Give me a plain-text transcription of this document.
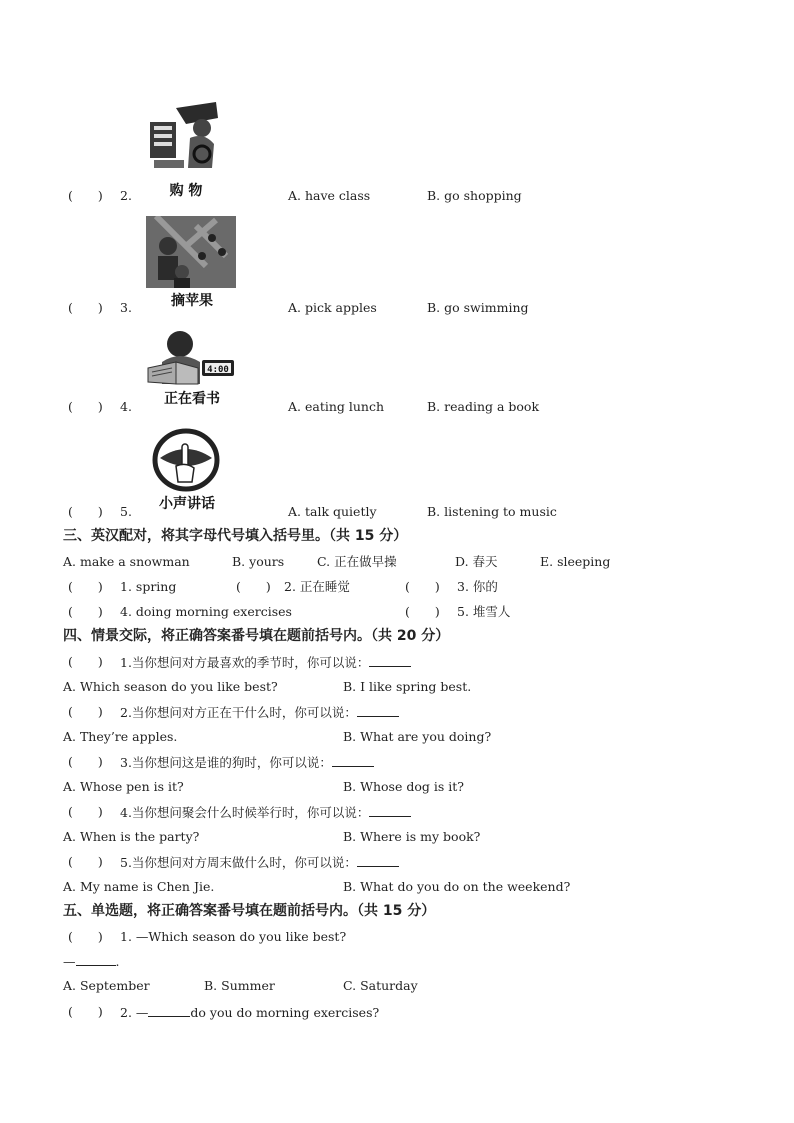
购 物
(　　) 2.	A. have class	B. go shopping
摘苹果
(　　) 3.	A. pick apples	B. go swimming
4:00
正在看书
(　　) 4.	A. eating lunch	B. reading a book
小声讲话
(　　) 5.	A. talk quietly	B. listening to music
三、英汉配对，将其字母代号填入括号里。（共 15 分）
A. make a snowman	B. yours	C. 正在做早操	D. 春天	E. sleeping
(　　) 1. spring	(　　) 2. 正在睡觉	(　　) 3. 你的
(　　) 4. doing morning exercises	(　　) 5. 堆雪人
四、情景交际，将正确答案番号填在题前括号内。（共 20 分）
(　　) 1.当你想问对方最喜欢的季节时，你可以说：
A. Which season do you like best?	B. I like spring best.
(　　) 2.当你想问对方正在干什么时，你可以说：
A. They’re apples.	B. What are you doing?
(　　) 3.当你想问这是谁的狗时，你可以说：
A. Whose pen is it?	B. Whose dog is it?
(　　) 4.当你想问聚会什么时候举行时，你可以说：
A. When is the party?	B. Where is my book?
(　　) 5.当你想问对方周末做什么时，你可以说：
A. My name is Chen Jie.	B. What do you do on the weekend?
五、单选题，将正确答案番号填在题前括号内。（共 15 分）
(　　) 1. —Which season do you like best?
—	.
A. September	B. Summer	C. Saturday
(　　) 2. —	do you do morning exercises?
